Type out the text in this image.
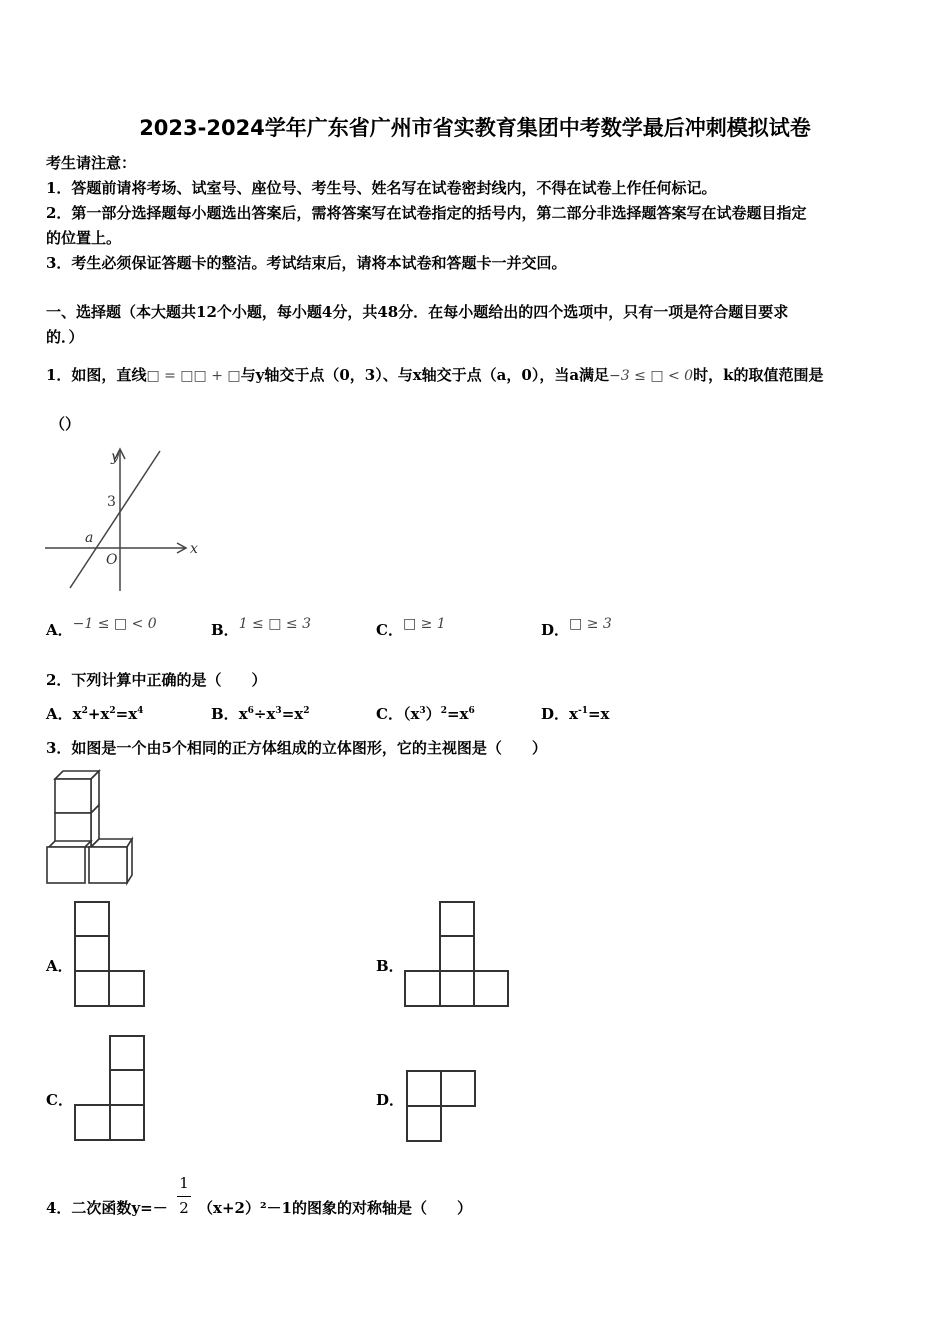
2023-2024学年广东省广州市省实教育集团中考数学最后冲刺模拟试卷
考生请注意：
1．答题前请将考场、试室号、座位号、考生号、姓名写在试卷密封线内，不得在试卷上作任何标记。
2．第一部分选择题每小题选出答案后，需将答案写在试卷指定的括号内，第二部分非选择题答案写在试卷题目指定
的位置上。
3．考生必须保证答题卡的整洁。考试结束后，请将本试卷和答题卡一并交回。
一、选择题（本大题共12个小题，每小题4分，共48分．在每小题给出的四个选项中，只有一项是符合题目要求
的．）
1．如图，直线□ = □□ + □与y轴交于点（0，3）、与x轴交于点（a，0），当a满足−3 ≤ □ < 0时，k的取值范围是
（）
y
x
3
a
O
A．−1 ≤ □ < 0	B．1 ≤ □ ≤ 3	C．□ ≥ 1	D．□ ≥ 3
2．下列计算中正确的是（　　）
A．$x^2+x^2=x^4$	B．$x^6\div x^3=x^2$	C．$(x^3)^2=x^6$	D．$x^{-1}=x$
3．如图是一个由5个相同的正方体组成的立体图形，它的主视图是（　　）
A．	B．
C．	D．
4．二次函数y=－
1
2 （x+2）²－1的图象的对称轴是（　　）
